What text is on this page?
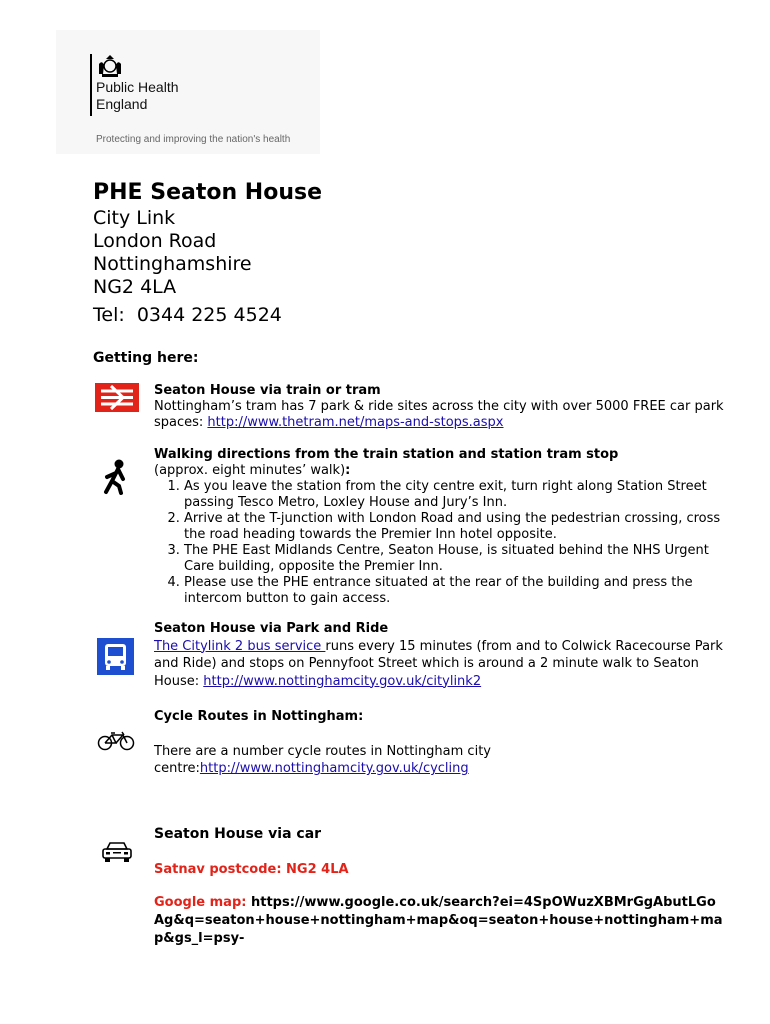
Public Health
England
Protecting and improving the nation's health
PHE Seaton House
City Link
London Road
Nottinghamshire
NG2 4LA
Tel:  0344 225 4524
Getting here:
Seaton House via train or tram
Nottingham’s tram has 7 park & ride sites across the city with over 5000 FREE car park spaces: http://www.thetram.net/maps-and-stops.aspx
Walking directions from the train station and station tram stop
(approx. eight minutes’ walk):
1. As you leave the station from the city centre exit, turn right along Station Street passing Tesco Metro, Loxley House and Jury’s Inn.
2. Arrive at the T-junction with London Road and using the pedestrian crossing, cross the road heading towards the Premier Inn hotel opposite.
3. The PHE East Midlands Centre, Seaton House, is situated behind the NHS Urgent Care building, opposite the Premier Inn.
4. Please use the PHE entrance situated at the rear of the building and press the intercom button to gain access.
Seaton House via Park and Ride
The Citylink 2 bus service runs every 15 minutes (from and to Colwick Racecourse Park and Ride) and stops on Pennyfoot Street which is around a 2 minute walk to Seaton House: http://www.nottinghamcity.gov.uk/citylink2
Cycle Routes in Nottingham:
There are a number cycle routes in Nottingham city centre:http://www.nottinghamcity.gov.uk/cycling
Seaton House via car
Satnav postcode: NG2 4LA
Google map: https://www.google.co.uk/search?ei=4SpOWuzXBMrGgAbutLGoAg&q=seaton+house+nottingham+map&oq=seaton+house+nottingham+map&gs_l=psy-
